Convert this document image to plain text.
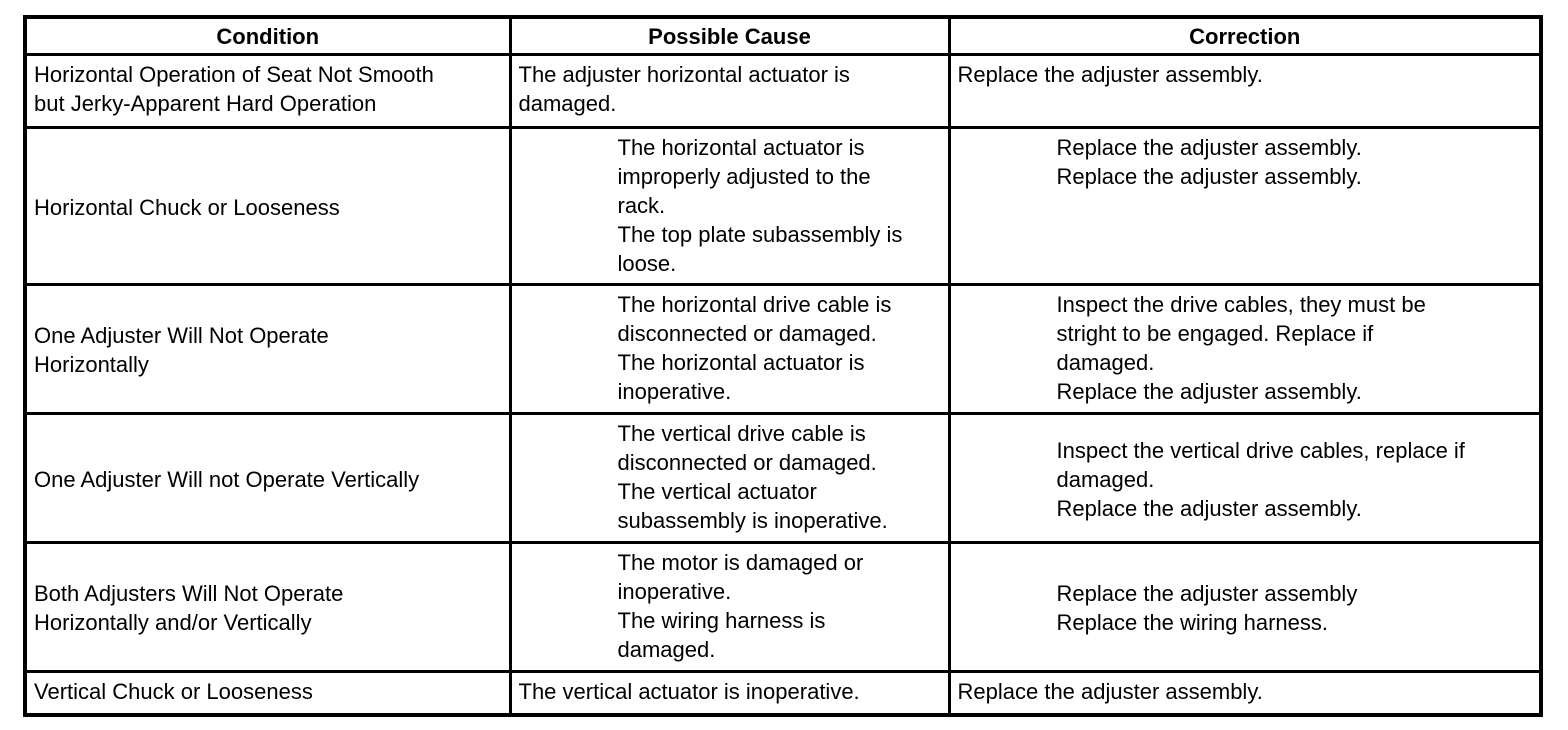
Condition	Possible Cause	Correction

Horizontal Operation of Seat Not Smooth
but Jerky-Apparent Hard Operation	The adjuster horizontal actuator is
damaged.	Replace the adjuster assembly.

Horizontal Chuck or Looseness	The horizontal actuator is
improperly adjusted to the
rack.
The top plate subassembly is
loose.	Replace the adjuster assembly.
Replace the adjuster assembly.

One Adjuster Will Not Operate
Horizontally	The horizontal drive cable is
disconnected or damaged.
The horizontal actuator is
inoperative.	Inspect the drive cables, they must be
stright to be engaged. Replace if
damaged.
Replace the adjuster assembly.

One Adjuster Will not Operate Vertically	The vertical drive cable is
disconnected or damaged.
The vertical actuator
subassembly is inoperative.	Inspect the vertical drive cables, replace if
damaged.
Replace the adjuster assembly.

Both Adjusters Will Not Operate
Horizontally and/or Vertically	The motor is damaged or
inoperative.
The wiring harness is
damaged.	Replace the adjuster assembly
Replace the wiring harness.

Vertical Chuck or Looseness	The vertical actuator is inoperative.	Replace the adjuster assembly.
